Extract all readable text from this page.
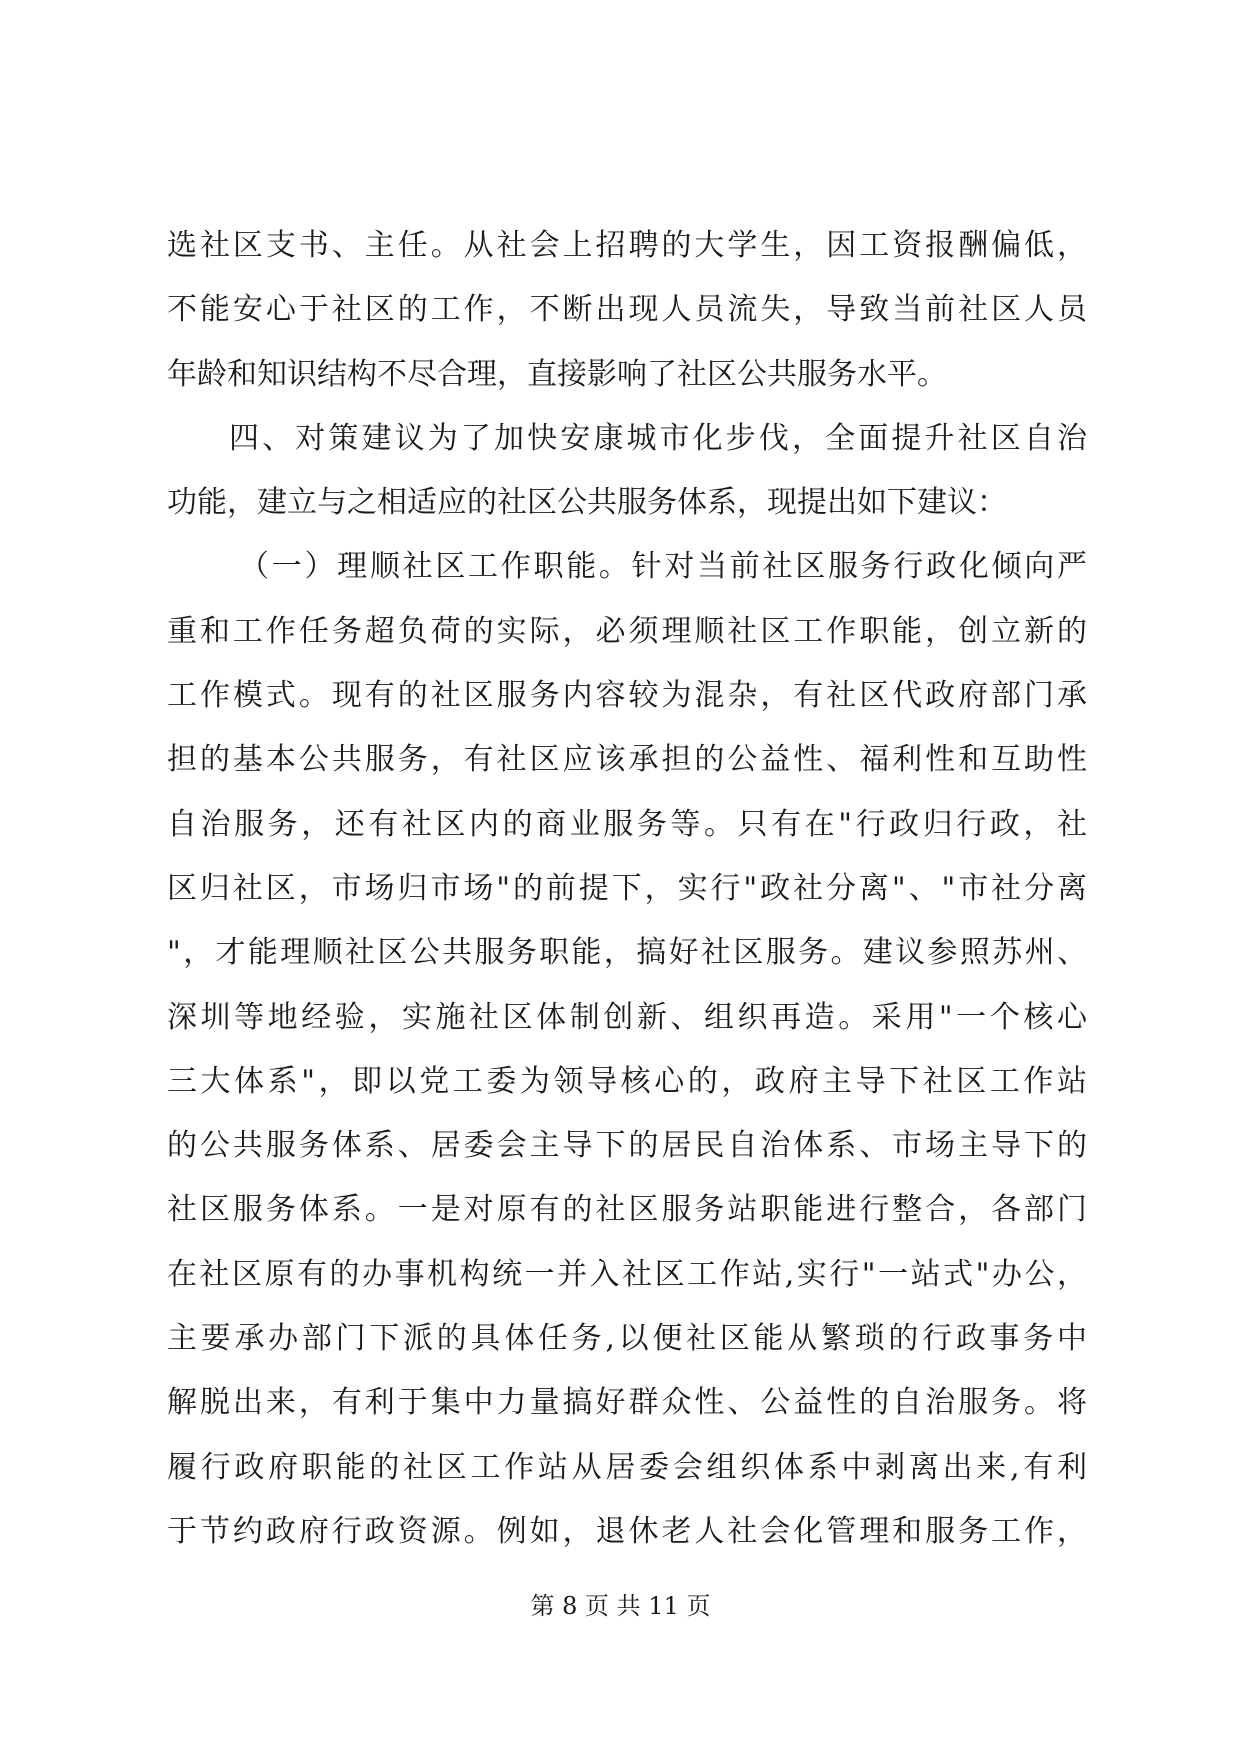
选社区支书、主任。从社会上招聘的大学生，因工资报酬偏低，
不能安心于社区的工作，不断出现人员流失，导致当前社区人员
年龄和知识结构不尽合理，直接影响了社区公共服务水平。
四、对策建议为了加快安康城市化步伐，全面提升社区自治
功能，建立与之相适应的社区公共服务体系，现提出如下建议：
（一）理顺社区工作职能。针对当前社区服务行政化倾向严
重和工作任务超负荷的实际，必须理顺社区工作职能，创立新的
工作模式。现有的社区服务内容较为混杂，有社区代政府部门承
担的基本公共服务，有社区应该承担的公益性、福利性和互助性
自治服务，还有社区内的商业服务等。只有在"行政归行政，社
区归社区，市场归市场"的前提下，实行"政社分离"、"市社分离
"，才能理顺社区公共服务职能，搞好社区服务。建议参照苏州、
深圳等地经验，实施社区体制创新、组织再造。采用"一个核心
三大体系"，即以党工委为领导核心的，政府主导下社区工作站
的公共服务体系、居委会主导下的居民自治体系、市场主导下的
社区服务体系。一是对原有的社区服务站职能进行整合，各部门
在社区原有的办事机构统一并入社区工作站,实行"一站式"办公，
主要承办部门下派的具体任务,以便社区能从繁琐的行政事务中
解脱出来，有利于集中力量搞好群众性、公益性的自治服务。将
履行政府职能的社区工作站从居委会组织体系中剥离出来,有利
于节约政府行政资源。例如，退休老人社会化管理和服务工作，
第 8 页 共 11 页
